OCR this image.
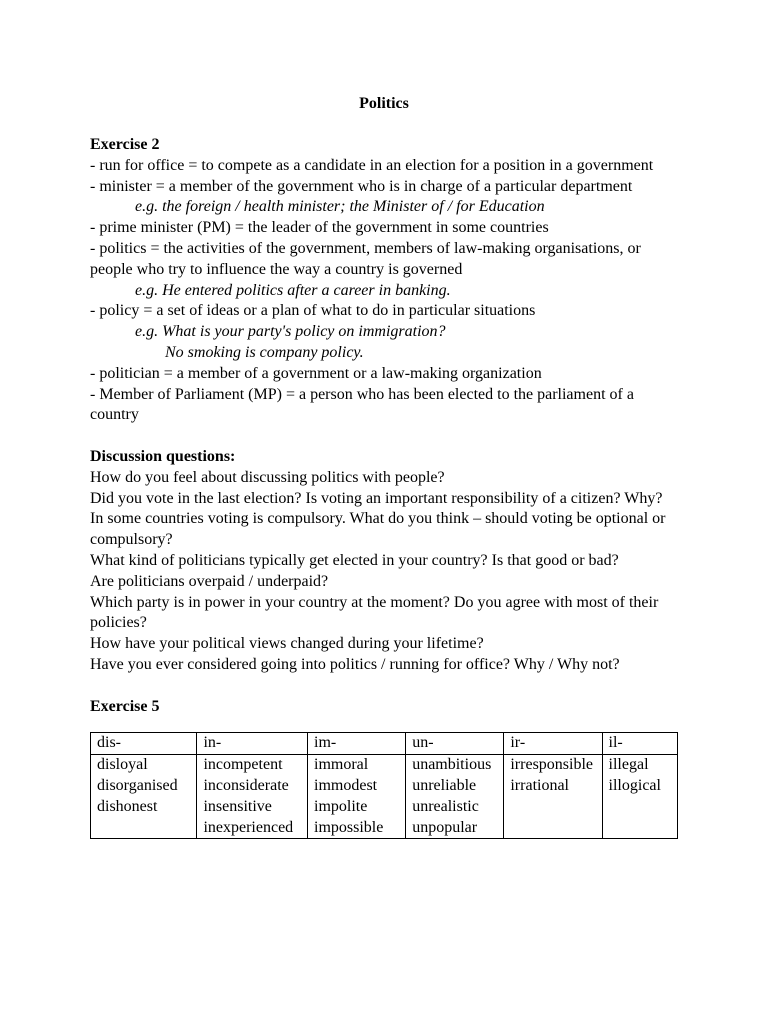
Politics

Exercise 2

- run for office = to compete as a candidate in an election for a position in a government

- minister = a member of the government who is in charge of a particular department

e.g. the foreign / health minister; the Minister of / for Education

- prime minister (PM) = the leader of the government in some countries

- politics = the activities of the government, members of law-making organisations, or people who try to influence the way a country is governed

e.g. He entered politics after a career in banking.

- policy = a set of ideas or a plan of what to do in particular situations

e.g. What is your party's policy on immigration?

No smoking is company policy.

- politician = a member of a government or a law-making organization

- Member of Parliament (MP) = a person who has been elected to the parliament of a country

Discussion questions:

How do you feel about discussing politics with people?

Did you vote in the last election? Is voting an important responsibility of a citizen? Why?

In some countries voting is compulsory. What do you think – should voting be optional or compulsory?

What kind of politicians typically get elected in your country? Is that good or bad?

Are politicians overpaid / underpaid?

Which party is in power in your country at the moment? Do you agree with most of their policies?

How have your political views changed during your lifetime?

Have you ever considered going into politics / running for office? Why / Why not?

Exercise 5

dis-	in-	im-	un-	ir-	il-

disloyal
disorganised
dishonest	incompetent
inconsiderate
insensitive
inexperienced	immoral
immodest
impolite
impossible	unambitious
unreliable
unrealistic
unpopular	irresponsible
irrational	illegal
illogical
